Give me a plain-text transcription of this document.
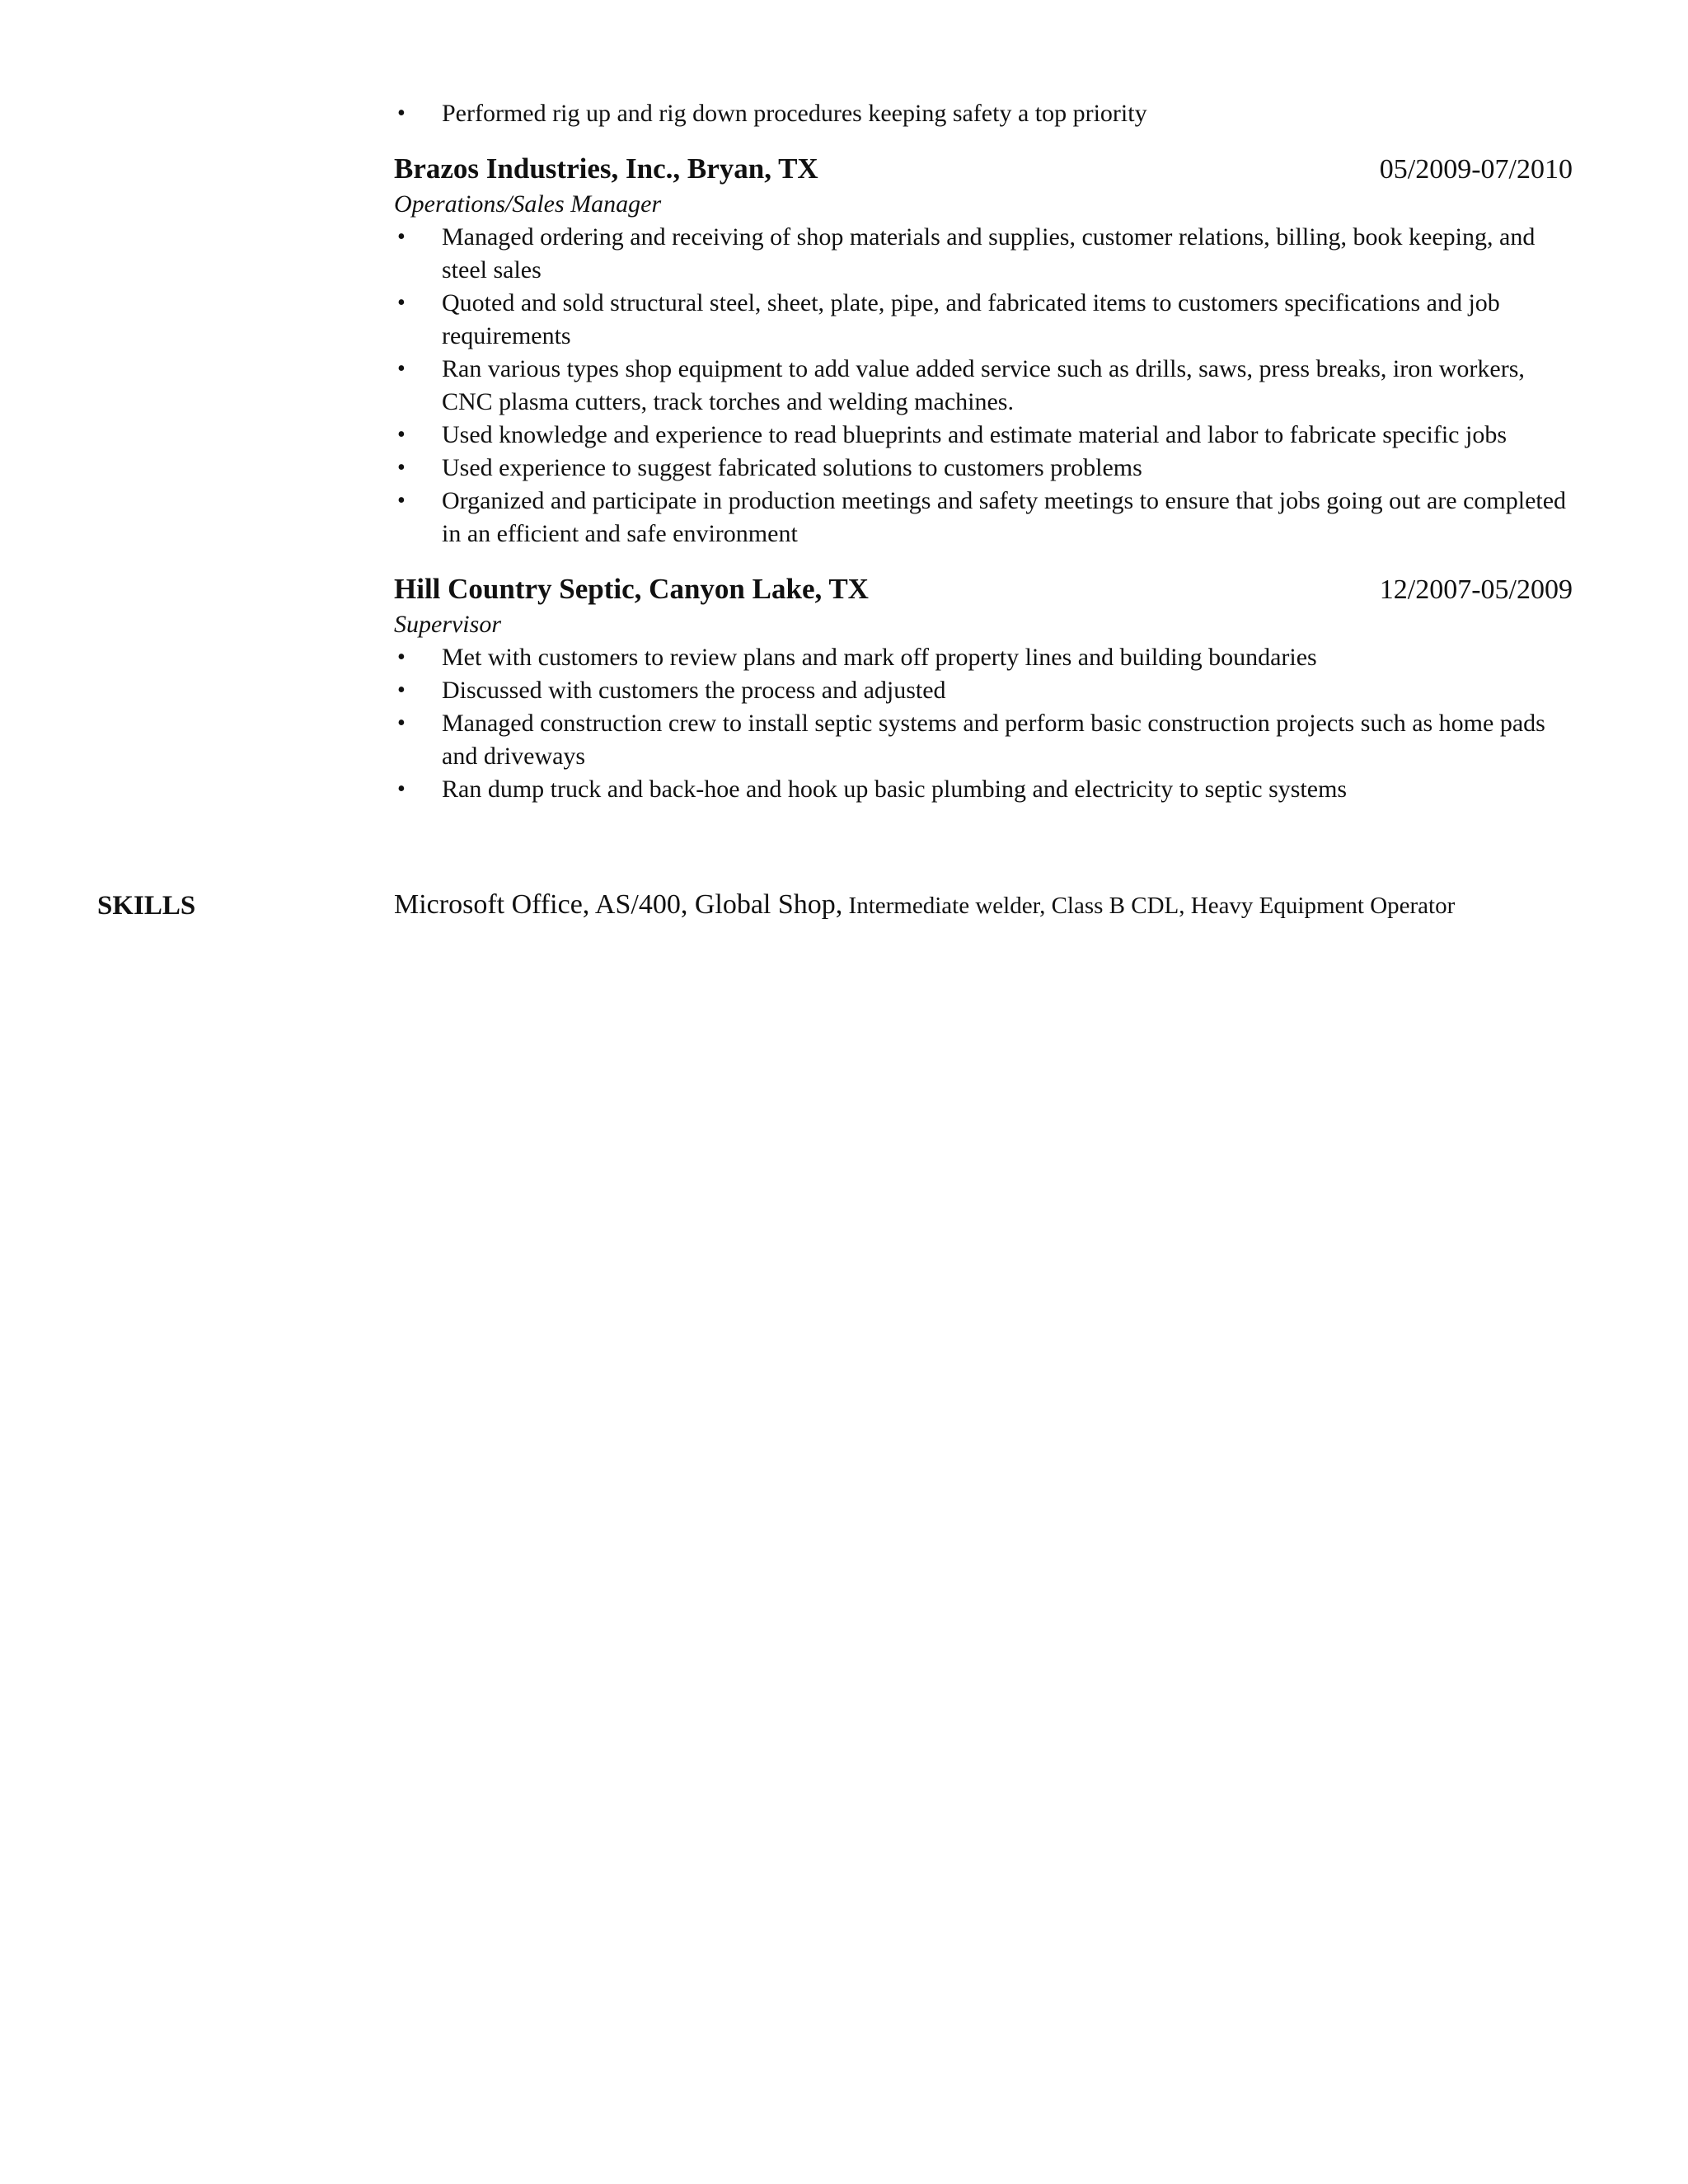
• Performed rig up and rig down procedures keeping safety a top priority
Brazos Industries, Inc., Bryan, TX	05/2009-07/2010
Operations/Sales Manager
• Managed ordering and receiving of shop materials and supplies, customer relations, billing, book keeping, and steel sales
• Quoted and sold structural steel, sheet, plate, pipe, and fabricated items to customers specifications and job requirements
• Ran various types shop equipment to add value added service such as drills, saws, press breaks, iron workers, CNC plasma cutters, track torches and welding machines.
• Used knowledge and experience to read blueprints and estimate material and labor to fabricate specific jobs
• Used experience to suggest fabricated solutions to customers problems
• Organized and participate in production meetings and safety meetings to ensure that jobs going out are completed in an efficient and safe environment
Hill Country Septic, Canyon Lake, TX	12/2007-05/2009
Supervisor
• Met with customers to review plans and mark off property lines and building boundaries
• Discussed with customers the process and adjusted
• Managed construction crew to install septic systems and perform basic construction projects such as home pads and driveways
• Ran dump truck and back-hoe and hook up basic plumbing and electricity to septic systems
SKILLS	Microsoft Office, AS/400, Global Shop, Intermediate welder, Class B CDL, Heavy Equipment Operator
